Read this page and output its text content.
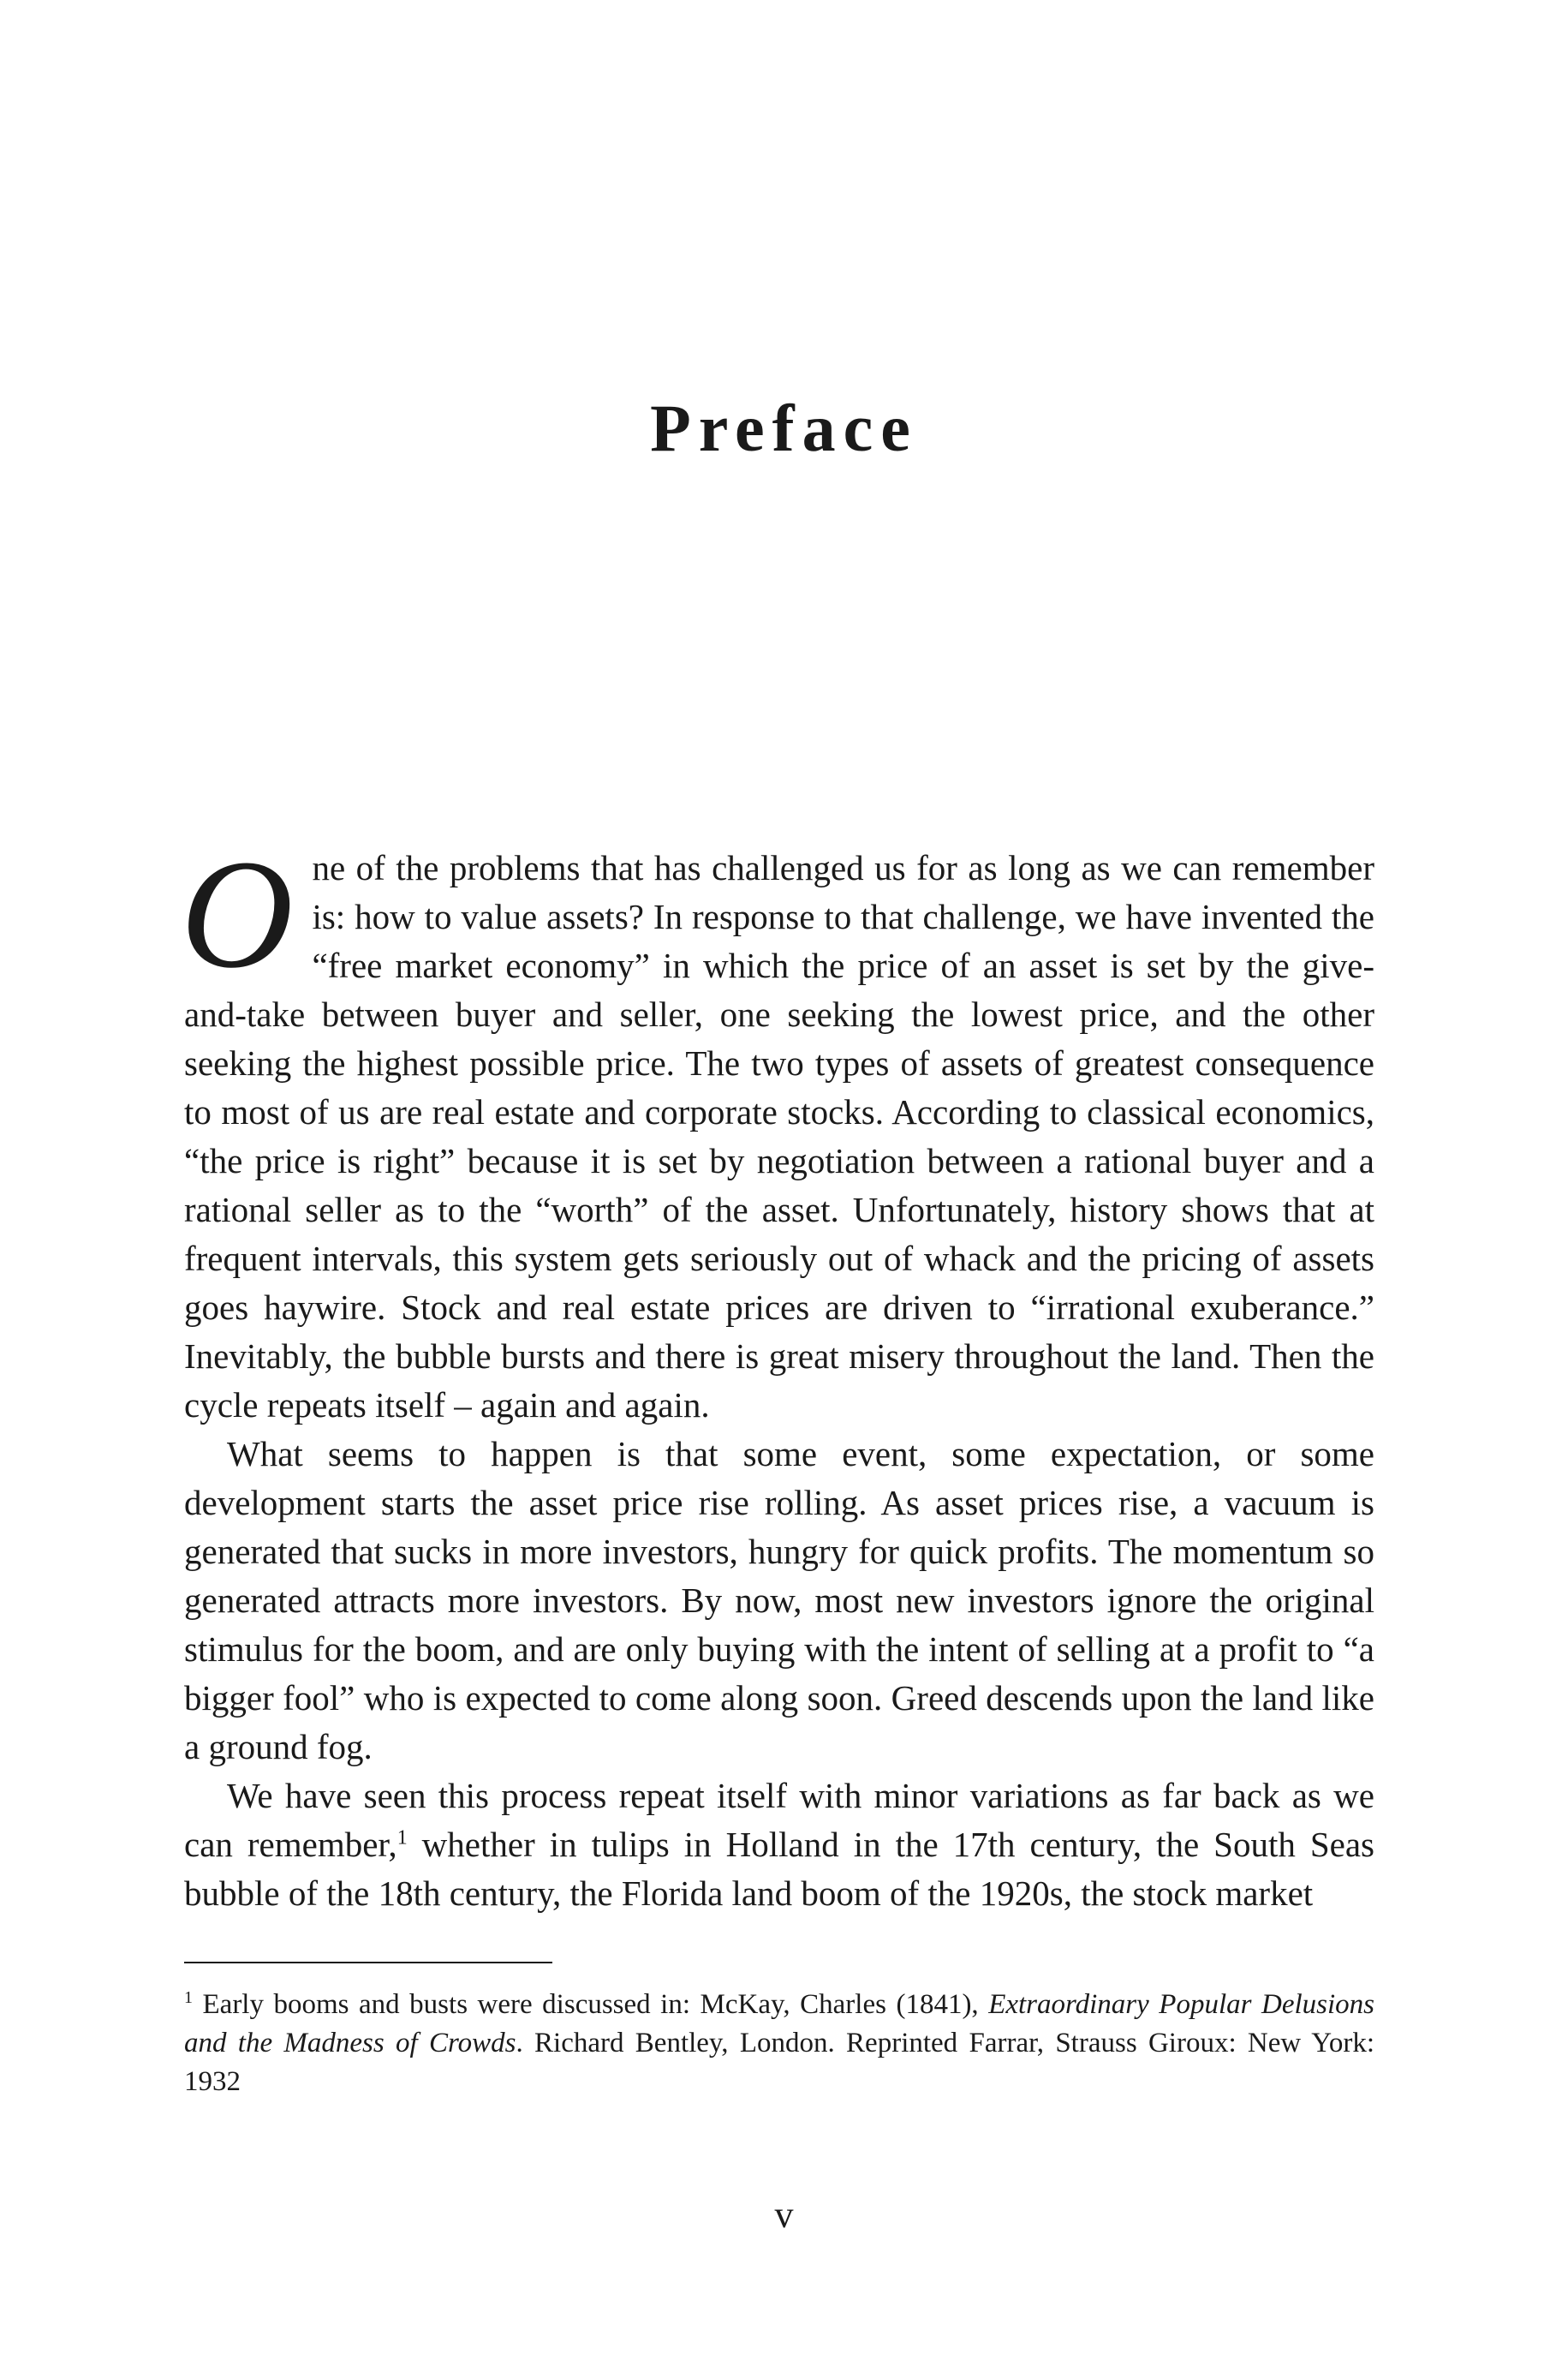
Preface

One of the problems that has challenged us for as long as we can remember is: how to value assets? In response to that challenge, we have invented the “free market economy” in which the price of an asset is set by the give-and-take between buyer and seller, one seeking the lowest price, and the other seeking the highest possible price. The two types of assets of greatest consequence to most of us are real estate and corporate stocks. According to classical economics, “the price is right” because it is set by negotiation between a rational buyer and a rational seller as to the “worth” of the asset. Unfortunately, history shows that at frequent intervals, this system gets seriously out of whack and the pricing of assets goes haywire. Stock and real estate prices are driven to “irrational exuberance.” Inevitably, the bubble bursts and there is great misery throughout the land. Then the cycle repeats itself – again and again.

What seems to happen is that some event, some expectation, or some development starts the asset price rise rolling. As asset prices rise, a vacuum is generated that sucks in more investors, hungry for quick profits. The momentum so generated attracts more investors. By now, most new investors ignore the original stimulus for the boom, and are only buying with the intent of selling at a profit to “a bigger fool” who is expected to come along soon. Greed descends upon the land like a ground fog.

We have seen this process repeat itself with minor variations as far back as we can remember,$^1$ whether in tulips in Holland in the 17th century, the South Seas bubble of the 18th century, the Florida land boom of the 1920s, the stock market

$^1$ Early booms and busts were discussed in: McKay, Charles (1841), Extraordinary Popular Delusions and the Madness of Crowds. Richard Bentley, London. Reprinted Farrar, Strauss Giroux: New York: 1932
v
